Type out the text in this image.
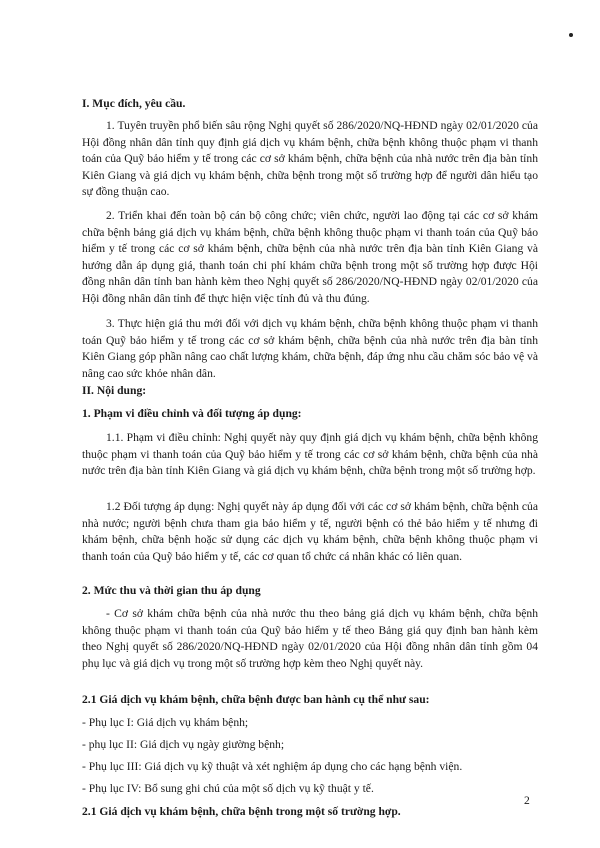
I. Mục đích, yêu cầu.
1. Tuyên truyền phổ biến sâu rộng Nghị quyết số 286/2020/NQ-HĐND ngày 02/01/2020 của Hội đồng nhân dân tỉnh quy định giá dịch vụ khám bệnh, chữa bệnh không thuộc phạm vi thanh toán của Quỹ bảo hiểm y tế trong các cơ sở khám bệnh, chữa bệnh của nhà nước trên địa bàn tỉnh Kiên Giang và giá dịch vụ khám bệnh, chữa bệnh trong một số trường hợp để người dân hiểu tạo sự đồng thuận cao.
2. Triển khai đến toàn bộ cán bộ công chức; viên chức, người lao động tại các cơ sở khám chữa bệnh bảng giá dịch vụ khám bệnh, chữa bệnh không thuộc phạm vi thanh toán của Quỹ bảo hiểm y tế trong các cơ sở khám bệnh, chữa bệnh của nhà nước trên địa bàn tỉnh Kiên Giang và hướng dẫn áp dụng giá, thanh toán chi phí khám chữa bệnh trong một số trường hợp được Hội đồng nhân dân tỉnh ban hành kèm theo Nghị quyết số 286/2020/NQ-HĐND ngày 02/01/2020 của Hội đồng nhân dân tỉnh để thực hiện việc tính đủ và thu đúng.
3. Thực hiện giá thu mới đối với dịch vụ khám bệnh, chữa bệnh không thuộc phạm vi thanh toán Quỹ bảo hiểm y tế trong các cơ sở khám bệnh, chữa bệnh của nhà nước trên địa bàn tỉnh Kiên Giang góp phần nâng cao chất lượng khám, chữa bệnh, đáp ứng nhu cầu chăm sóc bảo vệ và nâng cao sức khỏe nhân dân.
II. Nội dung:
1. Phạm vi điều chỉnh và đối tượng áp dụng:
1.1. Phạm vi điều chỉnh: Nghị quyết này quy định giá dịch vụ khám bệnh, chữa bệnh không thuộc phạm vi thanh toán của Quỹ bảo hiểm y tế trong các cơ sở khám bệnh, chữa bệnh của nhà nước trên địa bàn tỉnh Kiên Giang và giá dịch vụ khám bệnh, chữa bệnh trong một số trường hợp.
1.2 Đối tượng áp dụng: Nghị quyết này áp dụng đối với các cơ sở khám bệnh, chữa bệnh của nhà nước; người bệnh chưa tham gia bảo hiểm y tế, người bệnh có thẻ bảo hiểm y tế nhưng đi khám bệnh, chữa bệnh hoặc sử dụng các dịch vụ khám bệnh, chữa bệnh không thuộc phạm vi thanh toán của Quỹ bảo hiểm y tế, các cơ quan tổ chức cá nhân khác có liên quan.
2. Mức thu và thời gian thu áp dụng
- Cơ sở khám chữa bệnh của nhà nước thu theo bảng giá dịch vụ khám bệnh, chữa bệnh không thuộc phạm vi thanh toán của Quỹ bảo hiểm y tế theo Bảng giá quy định ban hành kèm theo Nghị quyết số 286/2020/NQ-HĐND ngày 02/01/2020 của Hội đồng nhân dân tỉnh gồm 04 phụ lục và giá dịch vụ trong một số trường hợp kèm theo Nghị quyết này.
2.1 Giá dịch vụ khám bệnh, chữa bệnh được ban hành cụ thể như sau:
- Phụ lục I: Giá dịch vụ khám bệnh;
- phụ lục II: Giá dịch vụ ngày giường bệnh;
- Phụ lục III: Giá dịch vụ kỹ thuật và xét nghiệm áp dụng cho các hạng bệnh viện.
- Phụ lục IV: Bổ sung ghi chú của một số dịch vụ kỹ thuật y tế.
2.1 Giá dịch vụ khám bệnh, chữa bệnh trong một số trường hợp.
2
